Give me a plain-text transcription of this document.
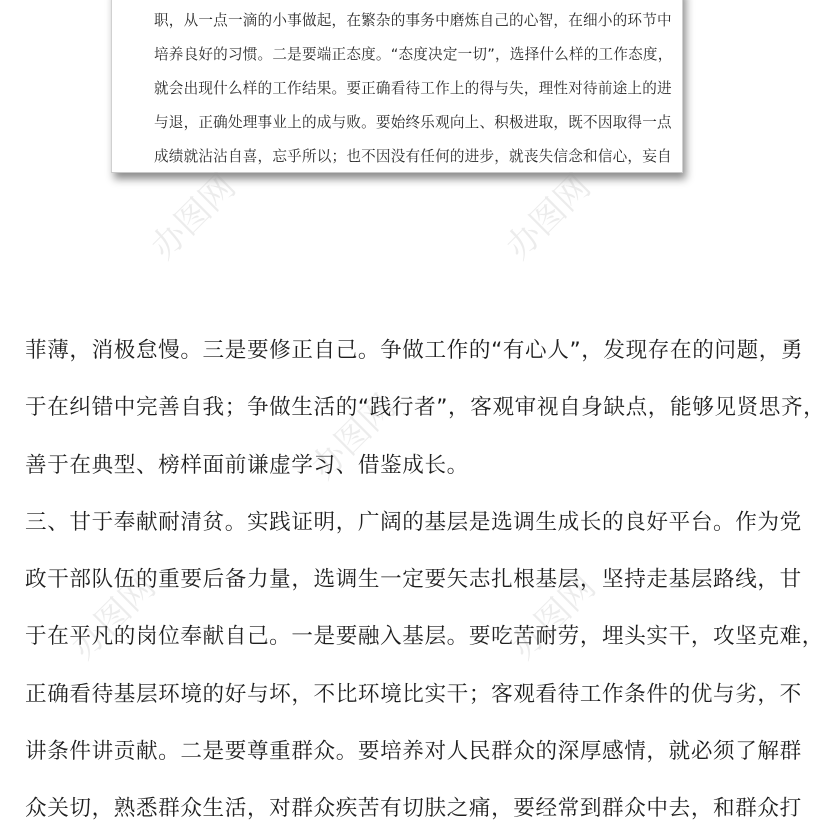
职，从一点一滴的小事做起，在繁杂的事务中磨炼自己的心智，在细小的环节中
培养良好的习惯。二是要端正态度。“态度决定一切”，选择什么样的工作态度，
就会出现什么样的工作结果。要正确看待工作上的得与失，理性对待前途上的进
与退，正确处理事业上的成与败。要始终乐观向上、积极进取，既不因取得一点
成绩就沾沾自喜，忘乎所以；也不因没有任何的进步，就丧失信念和信心，妄自
办图网	办图网
办图网
办图网	办图网
菲薄，消极怠慢。三是要修正自己。争做工作的“有心人”，发现存在的问题，勇
于在纠错中完善自我；争做生活的“践行者”，客观审视自身缺点，能够见贤思齐，
善于在典型、榜样面前谦虚学习、借鉴成长。
三、甘于奉献耐清贫。实践证明，广阔的基层是选调生成长的良好平台。作为党
政干部队伍的重要后备力量，选调生一定要矢志扎根基层，坚持走基层路线，甘
于在平凡的岗位奉献自己。一是要融入基层。要吃苦耐劳，埋头实干，攻坚克难，
正确看待基层环境的好与坏，不比环境比实干；客观看待工作条件的优与劣，不
讲条件讲贡献。二是要尊重群众。要培养对人民群众的深厚感情，就必须了解群
众关切，熟悉群众生活，对群众疾苦有切肤之痛，要经常到群众中去，和群众打
